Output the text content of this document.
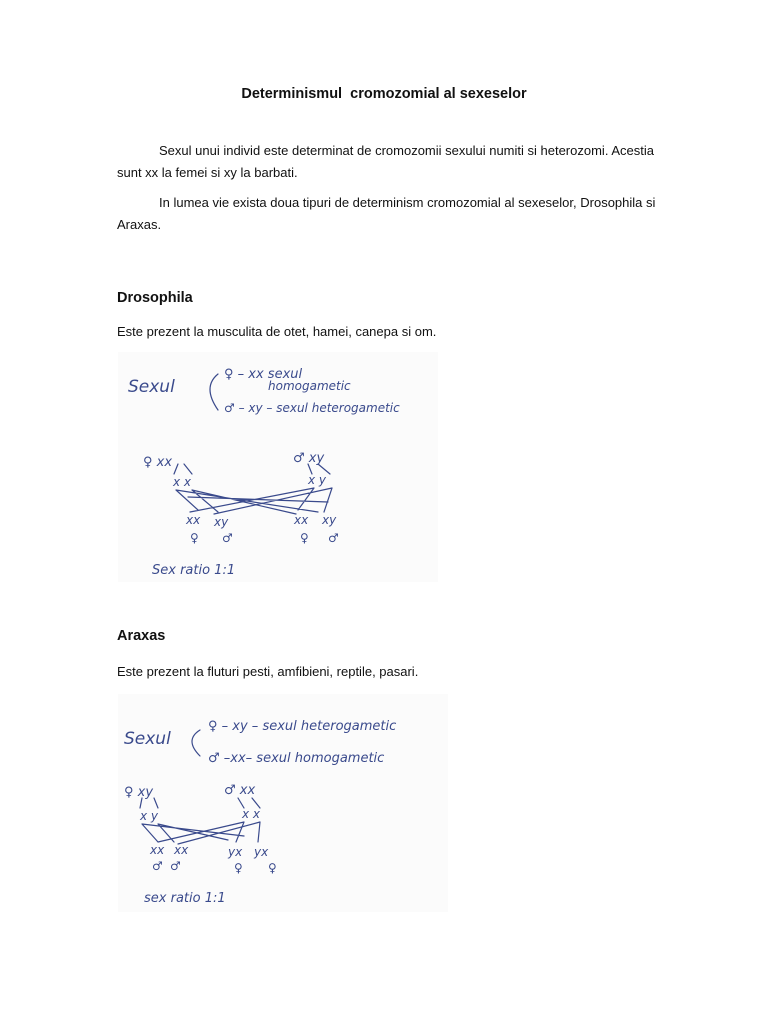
Determinismul  cromozomial al sexeselor

Sexul unui individ este determinat de cromozomii sexului numiti si heterozomi. Acestia sunt xx la femei si xy la barbati.

In lumea vie exista doua tipuri de determinism cromozomial al sexeselor, Drosophila si Araxas.

Drosophila

Este prezent la musculita de otet, hamei, canepa si om.

Sexul
♀ – xx sexul
homogametic
♂ – xy – sexul heterogametic
♀ xx	♂ xy
x x	x y
xx xy	xx xy
♀ ♂	♀ ♂
Sex ratio 1:1
Araxas

Este prezent la fluturi pesti, amfibieni, reptile, pasari.

Sexul
♀ – xy – sexul heterogametic
♂ –xx– sexul homogametic
♀ xy	♂ xx
x y	x x
xx xx	yx yx
♂ ♂	♀ ♀
sex ratio 1:1
